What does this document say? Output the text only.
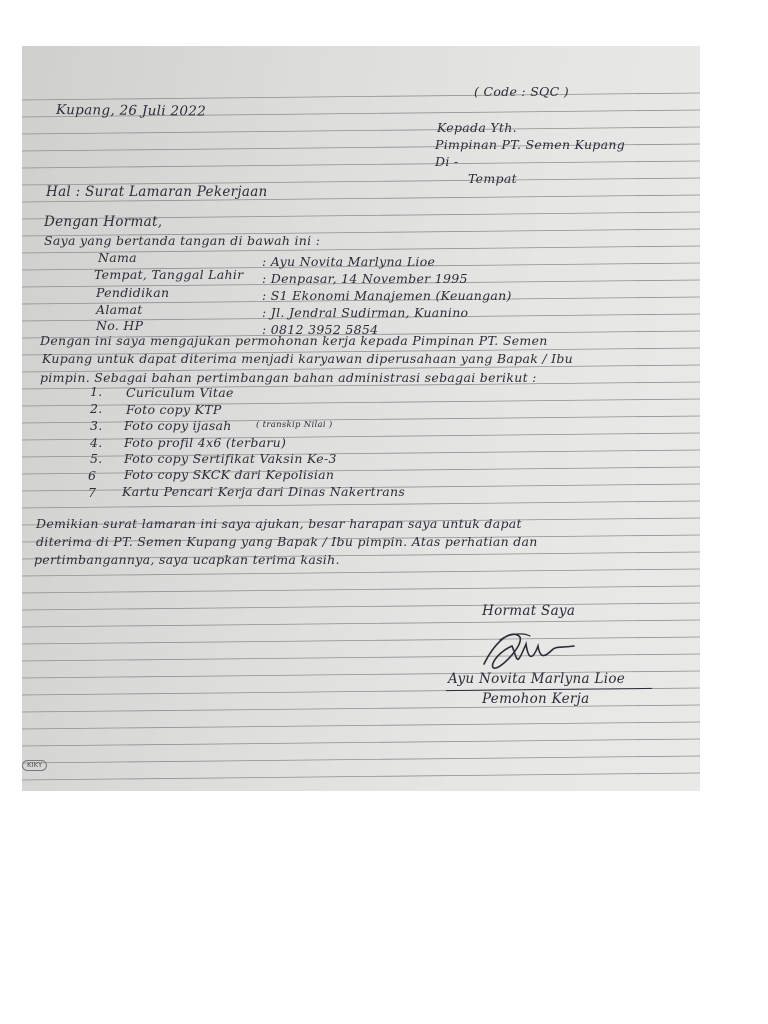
( Code : SQC )
Kupang, 26 Juli 2022
Kepada Yth.
Pimpinan PT. Semen Kupang
Di -
Tempat
Hal : Surat Lamaran Pekerjaan
Dengan Hormat,
Saya yang bertanda tangan di bawah ini :
Nama	: Ayu Novita Marlyna Lioe
Tempat, Tanggal Lahir : Denpasar, 14 November 1995
Pendidikan	: S1 Ekonomi Manajemen (Keuangan)
Alamat	: Jl. Jendral Sudirman, Kuanino
No. HP	: 0812 3952 5854
Dengan ini saya mengajukan permohonan kerja kepada Pimpinan PT. Semen
Kupang untuk dapat diterima menjadi karyawan diperusahaan yang Bapak / Ibu
pimpin. Sebagai bahan pertimbangan bahan administrasi sebagai berikut :
1. Curiculum Vitae
2. Foto copy KTP
3. Foto copy ijasah	( transkip Nilai )
4. Foto profil 4x6 (terbaru)
5. Foto copy Sertifikat Vaksin Ke-3
6 Foto copy SKCK dari Kepolisian
7 Kartu Pencari Kerja dari Dinas Nakertrans
Demikian surat lamaran ini saya ajukan, besar harapan saya untuk dapat
diterima di PT. Semen Kupang yang Bapak / Ibu pimpin. Atas perhatian dan
pertimbangannya, saya ucapkan terima kasih.
Hormat Saya
Ayu Novita Marlyna Lioe
Pemohon Kerja
KIKY
